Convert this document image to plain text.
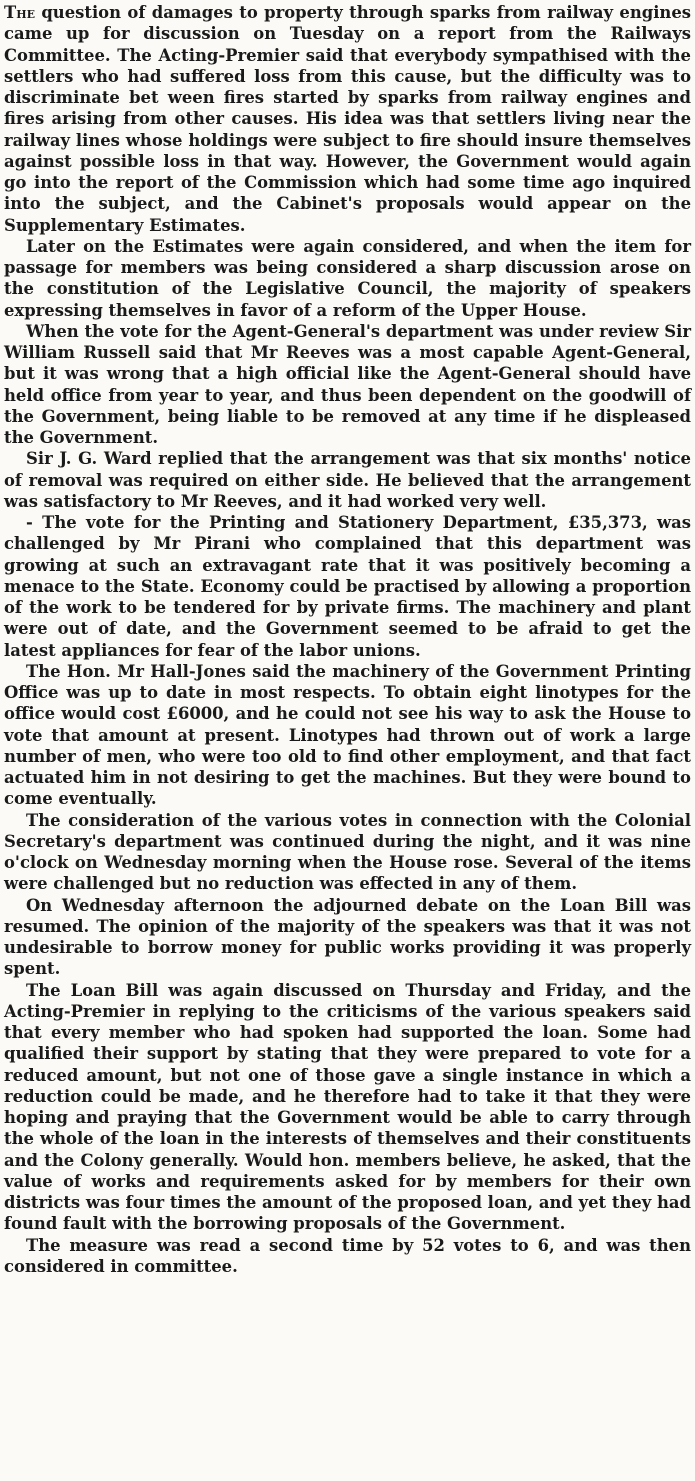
The question of damages to property through sparks from railway engines came up for discussion on Tuesday on a report from the Railways Committee. The Acting-Premier said that everybody sympathised with the settlers who had suffered loss from this cause, but the difficulty was to discriminate bet ween fires started by sparks from railway engines and fires arising from other causes. His idea was that settlers living near the railway lines whose holdings were subject to fire should insure themselves against possible loss in that way. However, the Government would again go into the report of the Commission which had some time ago inquired into the subject, and the Cabinet's proposals would appear on the Supplementary Estimates.

Later on the Estimates were again considered, and when the item for passage for members was being considered a sharp discussion arose on the constitution of the Legislative Council, the majority of speakers expressing themselves in favor of a reform of the Upper House.

When the vote for the Agent-General's department was under review Sir William Russell said that Mr Reeves was a most capable Agent-General, but it was wrong that a high official like the Agent-General should have held office from year to year, and thus been dependent on the goodwill of the Government, being liable to be removed at any time if he displeased the Government.

Sir J. G. Ward replied that the arrangement was that six months' notice of removal was required on either side. He believed that the arrangement was satisfactory to Mr Reeves, and it had worked very well.

- The vote for the Printing and Stationery Department, £35,373, was challenged by Mr Pirani who complained that this department was growing at such an extravagant rate that it was positively becoming a menace to the State. Economy could be practised by allowing a proportion of the work to be tendered for by private firms. The machinery and plant were out of date, and the Government seemed to be afraid to get the latest appliances for fear of the labor unions.

The Hon. Mr Hall-Jones said the machinery of the Government Printing Office was up to date in most respects. To obtain eight linotypes for the office would cost £6000, and he could not see his way to ask the House to vote that amount at present. Linotypes had thrown out of work a large number of men, who were too old to find other employment, and that fact actuated him in not desiring to get the machines. But they were bound to come eventually.

The consideration of the various votes in connection with the Colonial Secretary's department was continued during the night, and it was nine o'clock on Wednesday morning when the House rose. Several of the items were challenged but no reduction was effected in any of them.

On Wednesday afternoon the adjourned debate on the Loan Bill was resumed. The opinion of the majority of the speakers was that it was not undesirable to borrow money for public works providing it was properly spent.

The Loan Bill was again discussed on Thursday and Friday, and the Acting-Premier in replying to the criticisms of the various speakers said that every member who had spoken had supported the loan. Some had qualified their support by stating that they were prepared to vote for a reduced amount, but not one of those gave a single instance in which a reduction could be made, and he therefore had to take it that they were hoping and praying that the Government would be able to carry through the whole of the loan in the interests of themselves and their constituents and the Colony generally. Would hon. members believe, he asked, that the value of works and requirements asked for by members for their own districts was four times the amount of the proposed loan, and yet they had found fault with the borrowing proposals of the Government.

The measure was read a second time by 52 votes to 6, and was then considered in committee.
